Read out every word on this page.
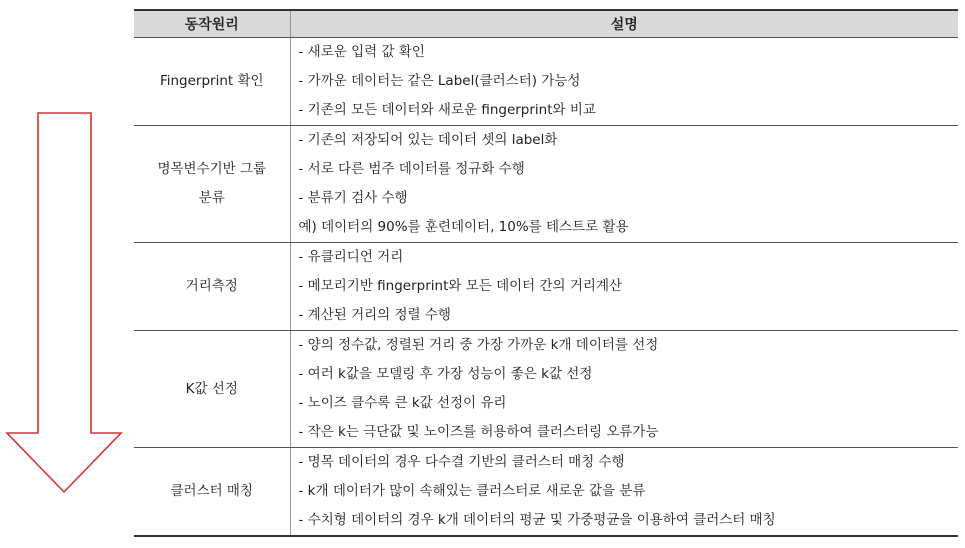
동작원리	설명

Fingerprint 확인	- 새로운 입력 값 확인
- 가까운 데이터는 같은 Label(클러스터) 가능성
- 기존의 모든 데이터와 새로운 fingerprint와 비교

명목변수기반 그룹
분류	- 기존의 저장되어 있는 데이터 셋의 label화
- 서로 다른 범주 데이터를 정규화 수행
- 분류기 검사 수행
예) 데이터의 90%를 훈련데이터, 10%를 테스트로 활용

거리측정	- 유클리디언 거리
- 메모리기반 fingerprint와 모든 데이터 간의 거리계산
- 계산된 거리의 정렬 수행

K값 선정	- 양의 정수값, 정렬된 거리 중 가장 가까운 k개 데이터를 선정
- 여러 k값을 모델링 후 가장 성능이 좋은 k값 선정
- 노이즈 클수록 큰 k값 선정이 유리
- 작은 k는 극단값 및 노이즈를 허용하여 클러스터링 오류가능

클러스터 매칭	- 명목 데이터의 경우 다수결 기반의 클러스터 매칭 수행
- k개 데이터가 많이 속해있는 클러스터로 새로운 값을 분류
- 수치형 데이터의 경우 k개 데이터의 평균 및 가중평균을 이용하여 클러스터 매칭
